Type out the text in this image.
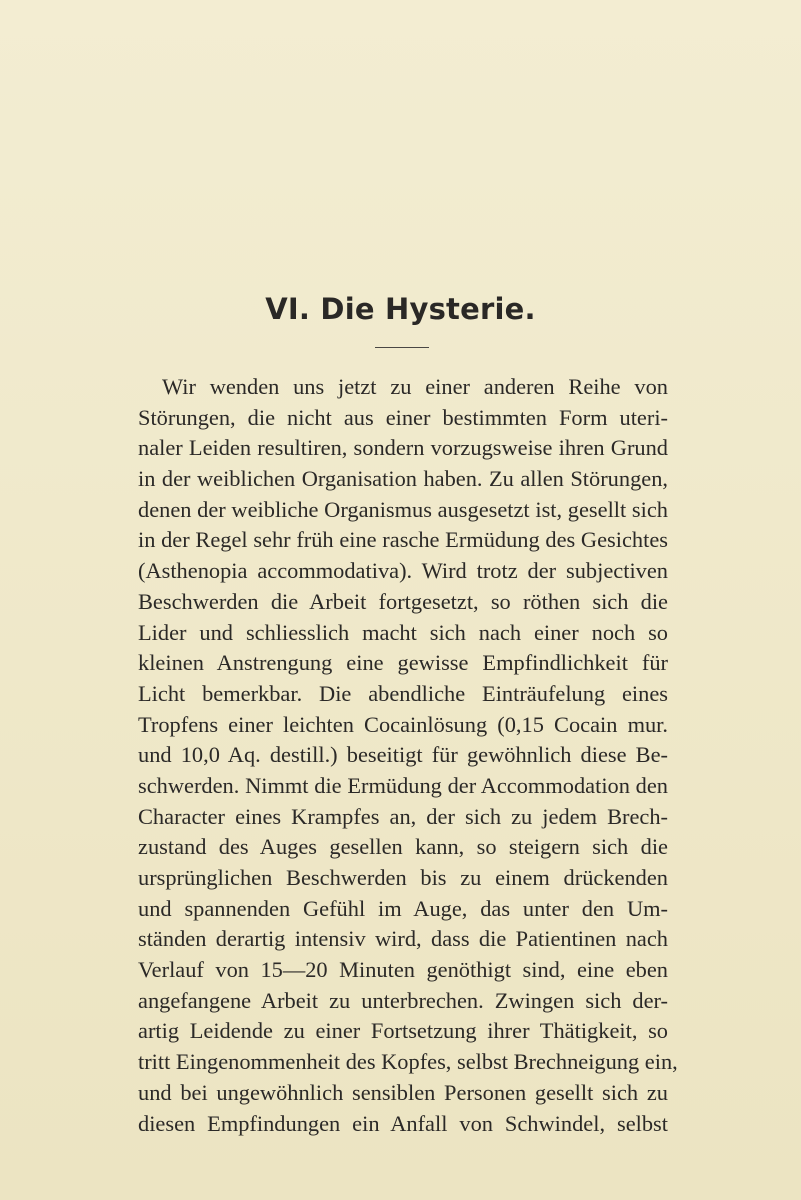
VI. Die Hysterie.
Wir wenden uns jetzt zu einer anderen Reihe von
Störungen, die nicht aus einer bestimmten Form uteri-
naler Leiden resultiren, sondern vorzugsweise ihren Grund
in der weiblichen Organisation haben. Zu allen Störungen,
denen der weibliche Organismus ausgesetzt ist, gesellt sich
in der Regel sehr früh eine rasche Ermüdung des Gesichtes
(Asthenopia accommodativa). Wird trotz der subjectiven
Beschwerden die Arbeit fortgesetzt, so röthen sich die
Lider und schliesslich macht sich nach einer noch so
kleinen Anstrengung eine gewisse Empfindlichkeit für
Licht bemerkbar. Die abendliche Einträufelung eines
Tropfens einer leichten Cocainlösung (0,15 Cocain mur.
und 10,0 Aq. destill.) beseitigt für gewöhnlich diese Be-
schwerden. Nimmt die Ermüdung der Accommodation den
Character eines Krampfes an, der sich zu jedem Brech-
zustand des Auges gesellen kann, so steigern sich die
ursprünglichen Beschwerden bis zu einem drückenden
und spannenden Gefühl im Auge, das unter den Um-
ständen derartig intensiv wird, dass die Patientinen nach
Verlauf von 15—20 Minuten genöthigt sind, eine eben
angefangene Arbeit zu unterbrechen. Zwingen sich der-
artig Leidende zu einer Fortsetzung ihrer Thätigkeit, so
tritt Eingenommenheit des Kopfes, selbst Brechneigung ein,
und bei ungewöhnlich sensiblen Personen gesellt sich zu
diesen Empfindungen ein Anfall von Schwindel, selbst
